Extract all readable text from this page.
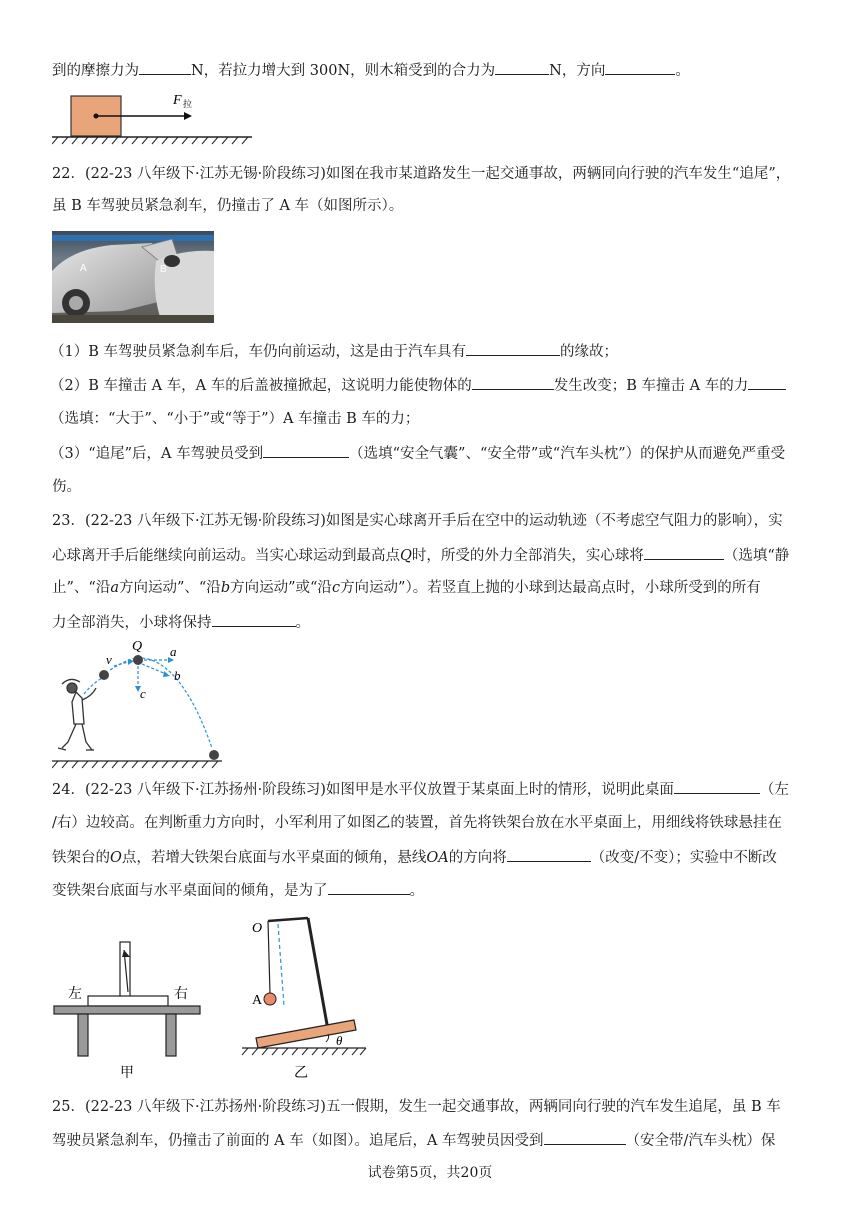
到的摩擦力为	N，若拉力增大到 300N，则木箱受到的合力为	N，方向	。
F 拉
22．(22-23 八年级下·江苏无锡·阶段练习)如图在我市某道路发生一起交通事故，两辆同向行驶的汽车发生“追尾”，
虽 B 车驾驶员紧急刹车，仍撞击了 A 车（如图所示）。
A	B
（1）B 车驾驶员紧急刹车后，车仍向前运动，这是由于汽车具有	的缘故；
（2）B 车撞击 A 车，A 车的后盖被撞掀起，这说明力能使物体的	发生改变；B 车撞击 A 车的力
（选填：“大于”、“小于”或“等于”）A 车撞击 B 车的力；
（3）“追尾”后，A 车驾驶员受到	（选填“安全气囊”、“安全带”或“汽车头枕”）的保护从而避免严重受
伤。
23．(22-23 八年级下·江苏无锡·阶段练习)如图是实心球离开手后在空中的运动轨迹（不考虑空气阻力的影响），实
心球离开手后能继续向前运动。当实心球运动到最高点Q时，所受的外力全部消失，实心球将	（选填“静
止”、“沿a方向运动”、“沿b方向运动”或“沿c方向运动”）。若竖直上抛的小球到达最高点时，小球所受到的所有
力全部消失，小球将保持	。
Q
v
a
b
c
24．(22-23 八年级下·江苏扬州·阶段练习)如图甲是水平仪放置于某桌面上时的情形，说明此桌面	（左
/右）边较高。在判断重力方向时，小军利用了如图乙的装置，首先将铁架台放在水平桌面上，用细线将铁球悬挂在
铁架台的O点，若增大铁架台底面与水平桌面的倾角，悬线OA的方向将	（改变/不变）；实验中不断改
变铁架台底面与水平桌面间的倾角，是为了	。
左	右
甲
O
A
θ
乙
25．(22-23 八年级下·江苏扬州·阶段练习)五一假期，发生一起交通事故，两辆同向行驶的汽车发生追尾，虽 B 车
驾驶员紧急刹车，仍撞击了前面的 A 车（如图）。追尾后，A 车驾驶员因受到	（安全带/汽车头枕）保
试卷第5页，共20页
